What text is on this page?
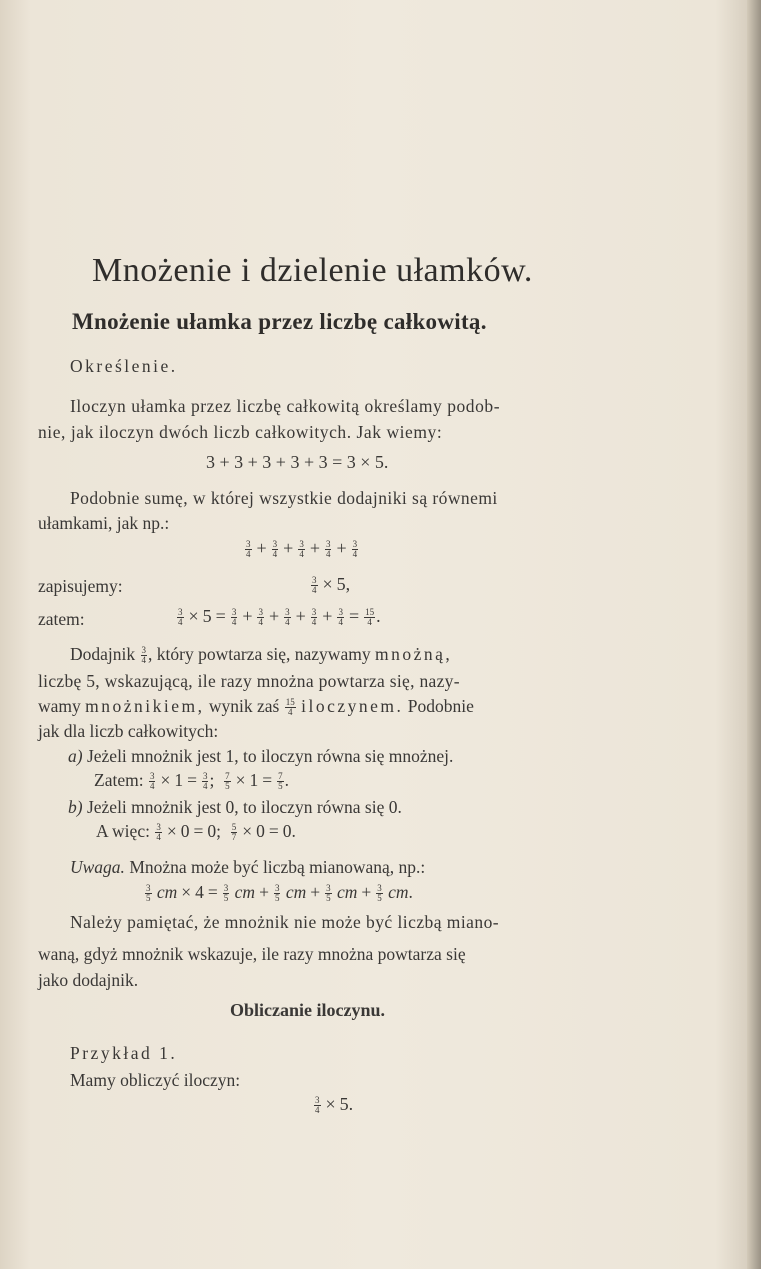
Mnożenie i dzielenie ułamków.
Mnożenie ułamka przez liczbę całkowitą.
Określenie.
Iloczyn ułamka przez liczbę całkowitą określamy podob-
nie, jak iloczyn dwóch liczb całkowitych. Jak wiemy:
3 + 3 + 3 + 3 + 3 = 3 × 5.
Podobnie sumę, w której wszystkie dodajniki są równemi
ułamkami, jak np.:
$\frac{3}{4} + \frac{3}{4} + \frac{3}{4} + \frac{3}{4} + \frac{3}{4}$
zapisujemy:	$\frac{3}{4} \times 5$,
zatem:	$\frac{3}{4} \times 5 = \frac{3}{4} + \frac{3}{4} + \frac{3}{4} + \frac{3}{4} + \frac{3}{4} = \frac{15}{4}$ .
Dodajnik $\frac{3}{4}$ , który powtarza się, nazywamy mnożną,
liczbę 5, wskazującą, ile razy mnożna powtarza się, nazy-
wamy mnożnikiem, wynik zaś $\frac{15}{4}$ iloczynem. Podobnie
jak dla liczb całkowitych:
a) Jeżeli mnożnik jest 1, to iloczyn równa się mnożnej.
Zatem: $\frac{3}{4} \times 1 = \frac{3}{4}$ ; $\frac{7}{5} \times 1 = \frac{7}{5}$ .
b) Jeżeli mnożnik jest 0, to iloczyn równa się 0.
A więc: $\frac{3}{4} \times 0 = 0$; $\frac{5}{7} \times 0 = 0$.
Uwaga. Mnożna może być liczbą mianowaną, np.:
$\frac{3}{5}$ cm × $4 = \frac{3}{5}$ cm + $\frac{3}{5}$ cm + $\frac{3}{5}$ cm + $\frac{3}{5}$ cm.
Należy pamiętać, że mnożnik nie może być liczbą miano-
waną, gdyż mnożnik wskazuje, ile razy mnożna powtarza się
jako dodajnik.
Obliczanie iloczynu.
Przykład 1.
Mamy obliczyć iloczyn:
$\frac{3}{4} \times 5$.
